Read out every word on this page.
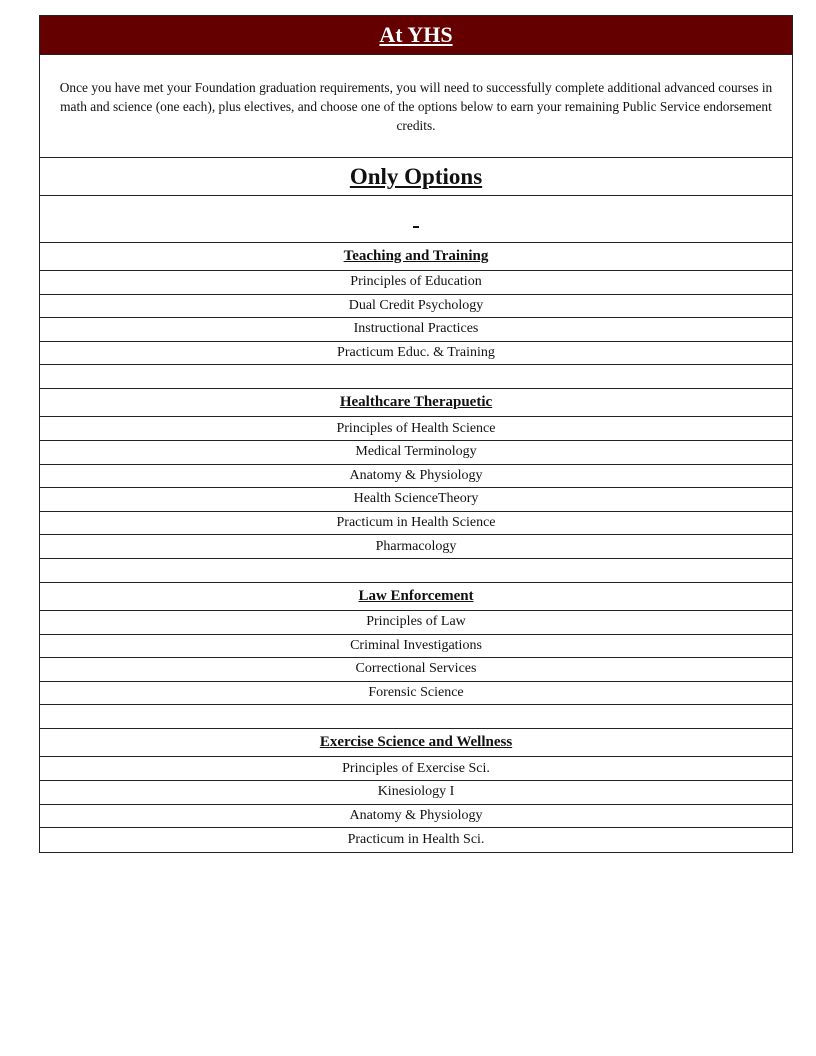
At YHS
Once you have met your Foundation graduation requirements, you will need to successfully complete additional advanced courses in math and science (one each), plus electives, and choose one of the options below to earn your remaining Public Service endorsement credits.
Only Options
Teaching and Training
Principles of Education
Dual Credit Psychology
Instructional Practices
Practicum Educ. & Training
Healthcare Therapuetic
Principles of Health Science
Medical Terminology
Anatomy & Physiology
Health ScienceTheory
Practicum in Health Science
Pharmacology
Law Enforcement
Principles of Law
Criminal Investigations
Correctional Services
Forensic Science
Exercise Science and Wellness
Principles of Exercise Sci.
Kinesiology I
Anatomy & Physiology
Practicum in Health Sci.
